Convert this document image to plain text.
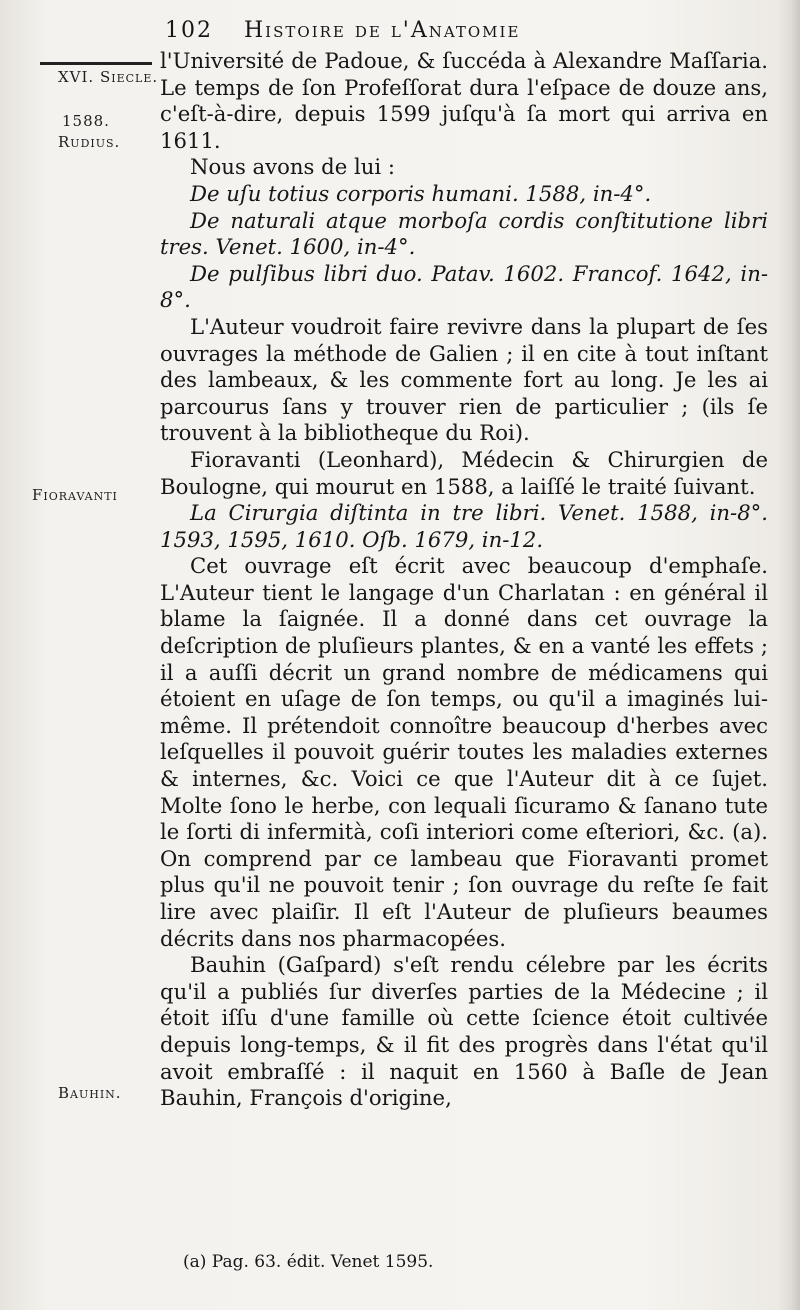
102 Histoire de l'Anatomie
XVI. Siecle.
1588.
Rudius.
Fioravanti
Bauhin.

l'Université de Padoue, & ſuccéda à Alexandre Maſſaria. Le temps de ſon Profeſſorat dura l'eſpace de douze ans, c'eſt-à-dire, depuis 1599 juſqu'à ſa mort qui arriva en 1611.

Nous avons de lui :

De uſu totius corporis humani. 1588, in-4°.

De naturali atque morboſa cordis conſtitutione libri tres. Venet. 1600, in-4°.

De pulſibus libri duo. Patav. 1602. Francof. 1642, in-8°.

L'Auteur voudroit faire revivre dans la plupart de ſes ouvrages la méthode de Galien ; il en cite à tout inſtant des lambeaux, & les commente fort au long. Je les ai parcourus ſans y trouver rien de particulier ; (ils ſe trouvent à la bibliotheque du Roi).

Fioravanti (Leonhard), Médecin & Chirurgien de Boulogne, qui mourut en 1588, a laiſſé le traité ſuivant.

La Cirurgia diſtinta in tre libri. Venet. 1588, in-8°. 1593, 1595, 1610. Oſb. 1679, in-12.

Cet ouvrage eſt écrit avec beaucoup d'emphaſe. L'Auteur tient le langage d'un Charlatan : en général il blame la ſaignée. Il a donné dans cet ouvrage la deſcription de pluſieurs plantes, & en a vanté les effets ; il a auſſi décrit un grand nombre de médicamens qui étoient en uſage de ſon temps, ou qu'il a imaginés lui-même. Il prétendoit connoître beaucoup d'herbes avec leſquelles il pouvoit guérir toutes les maladies externes & internes, &c. Voici ce que l'Auteur dit à ce ſujet. Molte ſono le herbe, con lequali ſicuramo & ſanano tute le ſorti di infermità, coſi interiori come eſteriori, &c. (a). On comprend par ce lambeau que Fioravanti promet plus qu'il ne pouvoit tenir ; ſon ouvrage du reſte ſe fait lire avec plaiſir. Il eſt l'Auteur de pluſieurs beaumes décrits dans nos pharmacopées.

Bauhin (Gaſpard) s'eſt rendu célebre par les écrits qu'il a publiés ſur diverſes parties de la Médecine ; il étoit iſſu d'une famille où cette ſcience étoit cultivée depuis long-temps, & il fit des progrès dans l'état qu'il avoit embraſſé : il naquit en 1560 à Baſle de Jean Bauhin, François d'origine,

(a) Pag. 63. édit. Venet 1595.
